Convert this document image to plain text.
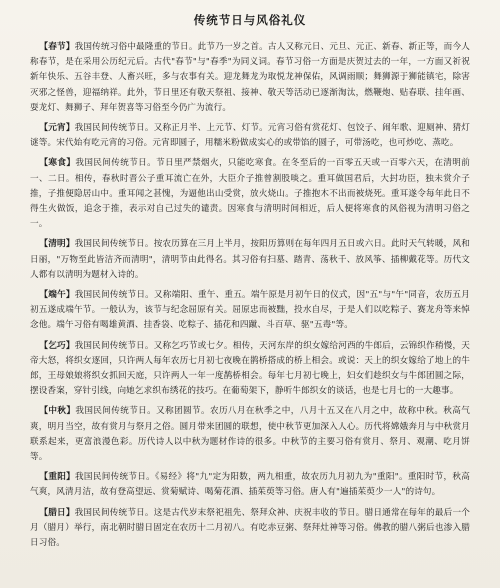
传统节日与风俗礼仪

【春节】我国传统习俗中最隆重的节日。此节乃一岁之首。古人又称元日、元旦、元正、新春、新正等，而今人称春节，是在采用公历纪元后。古代"春节"与"春季"为同义词。春节习俗一方面是庆贺过去的一年，一方面又祈祝新年快乐、五谷丰登、人畜兴旺，多与农事有关。迎龙舞龙为取悦龙神保佑，风调雨顺；舞狮源于狮能镇宅，除害灭邪之怪兽，迎福纳祥。此外，节日里还有敬天祭祖、接神、敬天等活动已逐渐淘汰，燃鞭炮、贴春联、挂年画、耍龙灯、舞狮子、拜年贺喜等习俗至今仍广为流行。

【元宵】我国民间传统节日。又称正月半、上元节、灯节。元宵习俗有赏花灯、包饺子、闹年歌、迎厕神、猜灯谜等。宋代始有吃元宵的习俗。元宵即圆子，用糯米粉做成实心的或带馅的圆子，可带汤吃，也可炒吃、蒸吃。

【寒食】我国民间传统节日。节日里严禁烟火，只能吃寒食。在冬至后的一百零五天或一百零六天，在清明前一、二日。相传，春秋时晋公子重耳流亡在外，大臣介子推曾割股啖之。重耳做国君后，大封功臣，独未赏介子推，子推便隐居山中。重耳闻之甚愧，为逼他出山受赏，放火烧山。子推抱木不出而被烧死。重耳遂令每年此日不得生火做饭，追念于推，表示对自己过失的谴责。因寒食与清明时间相近，后人便将寒食的风俗视为清明习俗之一。

【清明】我国民间传统节日。按农历算在三月上半月，按阳历算则在每年四月五日或六日。此时天气转暖，风和日丽，"万物至此皆洁齐而清明"，清明节由此得名。其习俗有扫墓、踏青、荡秋千、放风筝、插柳戴花等。历代文人都有以清明为题材入诗的。

【端午】我国民间传统节日。又称端阳、重午、重五。端午原是月初午日的仪式，因"五"与"午"同音，农历五月初五遂成端午节。一般认为，该节与纪念屈原有关。屈原忠而被黜，投水自尽，于是人们以吃粽子、赛龙舟等来悼念他。端午习俗有喝雄黄酒、挂香袋、吃粽子、插花和四蹴、斗百草、驱"五毒"等。

【乞巧】我国民间传统节日。又称乞巧节或七夕。相传，天河东岸的织女嫁给河西的牛郎后，云锦织作稍慢，天帝大怒，将织女逐回，只许两人每年农历七月初七夜晚在鹊桥搭成的桥上相会。或说：天上的织女嫁给了地上的牛郎，王母娘娘将织女抓回天庭，只许两人一年一度鹊桥相会。每年七月初七晚上，妇女们趁织女与牛郎团圆之际，摆设香案，穿针引线，向她乞求织布绣花的技巧。在葡萄架下，静听牛郎织女的谈话，也是七月七的一大趣事。

【中秋】我国民间传统节日。又称团圆节。农历八月在秋季之中，八月十五又在八月之中，故称中秋。秋高气爽，明月当空，故有赏月与祭月之俗。圆月带来团圆的联想，使中秋节更加深入人心。历代将嫦娥奔月与中秋赏月联系起来，更富浪漫色彩。历代诗人以中秋为题材作诗的很多。中秋节的主要习俗有赏月、祭月、观潮、吃月饼等。

【重阳】我国民间传统节日。《易经》将"九"定为阳数，两九相重，故农历九月初九为"重阳"。重阳时节，秋高气爽，风清月洁，故有登高望远、赏菊赋诗、喝菊花酒、插茱萸等习俗。唐人有"遍插茱萸少一人"的诗句。

【腊日】我国民间传统节日。这是古代岁末祭祀祖先、祭拜众神、庆祝丰收的节日。腊日通常在每年的最后一个月（腊月）举行，南北朝时腊日固定在农历十二月初八。有吃赤豆粥、祭拜灶神等习俗。佛教的腊八粥后也渗入腊日习俗。
